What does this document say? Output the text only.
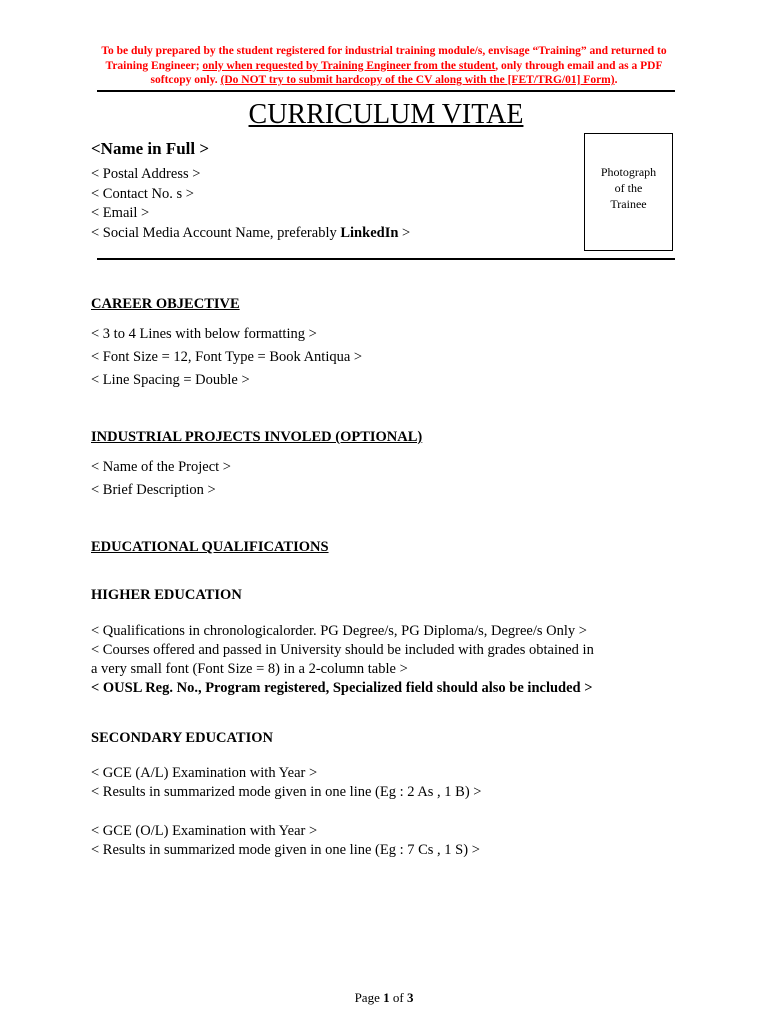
To be duly prepared by the student registered for industrial training module/s, envisage “Training” and returned to Training Engineer; only when requested by Training Engineer from the student, only through email and as a PDF softcopy only. (Do NOT try to submit hardcopy of the CV along with the [FET/TRG/01] Form).
CURRICULUM VITAE
<Name in Full >
< Postal Address >
< Contact No. s >
< Email >
< Social Media Account Name, preferably LinkedIn >
Photograph
of the
Trainee
CAREER OBJECTIVE
< 3 to 4 Lines with below formatting >
< Font Size = 12, Font Type = Book Antiqua >
< Line Spacing = Double >
INDUSTRIAL PROJECTS INVOLED (OPTIONAL)
< Name of the Project >
< Brief Description >
EDUCATIONAL QUALIFICATIONS
HIGHER EDUCATION
< Qualifications in chronologicalorder. PG Degree/s, PG Diploma/s, Degree/s Only >
< Courses offered and passed in University should be included with grades obtained in
a very small font (Font Size = 8) in a 2-column table >
< OUSL Reg. No., Program registered, Specialized field should also be included >
SECONDARY EDUCATION
< GCE (A/L) Examination with Year >
< Results in summarized mode given in one line (Eg : 2 As , 1 B) >
< GCE (O/L) Examination with Year >
< Results in summarized mode given in one line (Eg : 7 Cs , 1 S) >
Page 1 of 3
